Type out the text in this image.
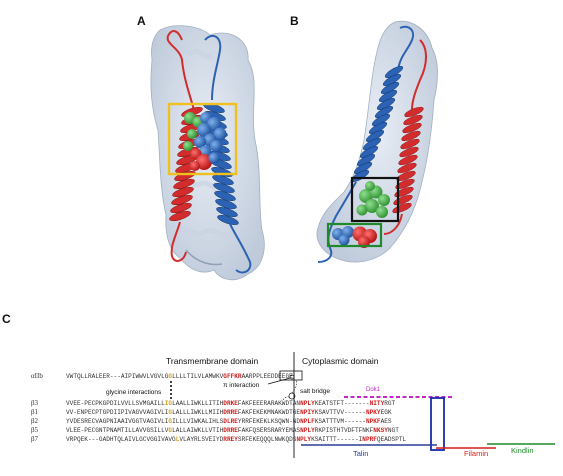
A	B
C
Transmembrane domain	Cytoplasmic domain
αIIb	VWTQLLRALEER---AIPIWWVLVGVLGGLLLLTILVLAMWKVGFFKRAARPPLEEDDEEGE
β3	VVEE-PECPKGPDILVVLLSVMGAILLIGLAALLIWKLLITIHDRKEFAKFEEERARAKWDTANNPLYKEATSTFT-------NITYRGT
β1	VV-ENPECPTGPDIIPIVAGVVAGIVLIGLALLLIWKLLMIIHDRREFAKFEKEKMNAKWDTGENPIYKSAVTTVV------NPKYEGK
β2	YVDESRECVAGPNIAAIVGGTVAGIVLIGILLLVIWKALIHLSDLREYRRFEKEKLKSQWN-NDNPLFKSATTTVM------NPKFAES
β5	VLEE-PECGNTPNAMTILLAVVGSILLVGLALLAIWKLLVTIHDRREFAKFQSERSRARYEMASNPLYRKPISTHTVDFTFNKFNKSYNGT
β7	VRPQEK---GADHTQLAIVLGCVGGIVAVGLVLAYRLSVEIYDRREYSRFEKEQQQLNWKQDSNPLYKSAITTT------INPRFQEADSPTL
glycine interactions
π interaction
salt bridge	Dok1
Talin	Filamin	Kindlin
